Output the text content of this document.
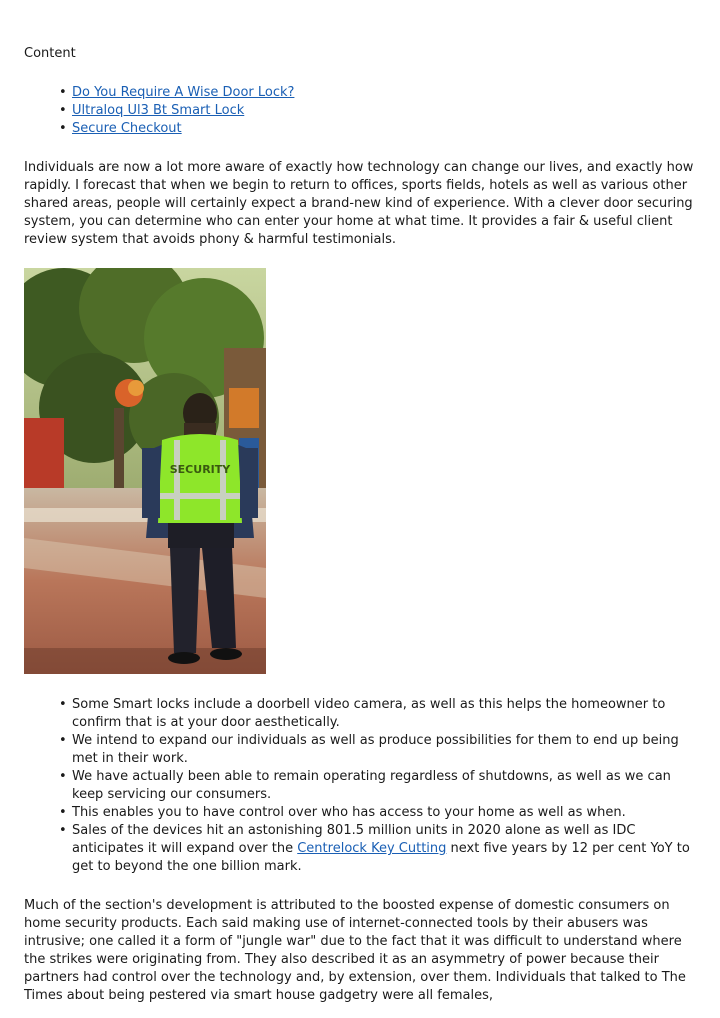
Content

• Do You Require A Wise Door Lock?
• Ultraloq Ul3 Bt Smart Lock
• Secure Checkout

Individuals are now a lot more aware of exactly how technology can change our lives, and exactly how rapidly. I forecast that when we begin to return to offices, sports fields, hotels as well as various other shared areas, people will certainly expect a brand-new kind of experience. With a clever door securing system, you can determine who can enter your home at what time. It provides a fair & useful client review system that avoids phony & harmful testimonials.

SECURITY
• Some Smart locks include a doorbell video camera, as well as this helps the homeowner to confirm that is at your door aesthetically.
• We intend to expand our individuals as well as produce possibilities for them to end up being met in their work.
• We have actually been able to remain operating regardless of shutdowns, as well as we can keep servicing our consumers.
• This enables you to have control over who has access to your home as well as when.
• Sales of the devices hit an astonishing 801.5 million units in 2020 alone as well as IDC anticipates it will expand over the Centrelock Key Cutting next five years by 12 per cent YoY to get to beyond the one billion mark.

Much of the section's development is attributed to the boosted expense of domestic consumers on home security products. Each said making use of internet-connected tools by their abusers was intrusive; one called it a form of "jungle war" due to the fact that it was difficult to understand where the strikes were originating from. They also described it as an asymmetry of power because their partners had control over the technology and, by extension, over them. Individuals that talked to The Times about being pestered via smart house gadgetry were all females,
